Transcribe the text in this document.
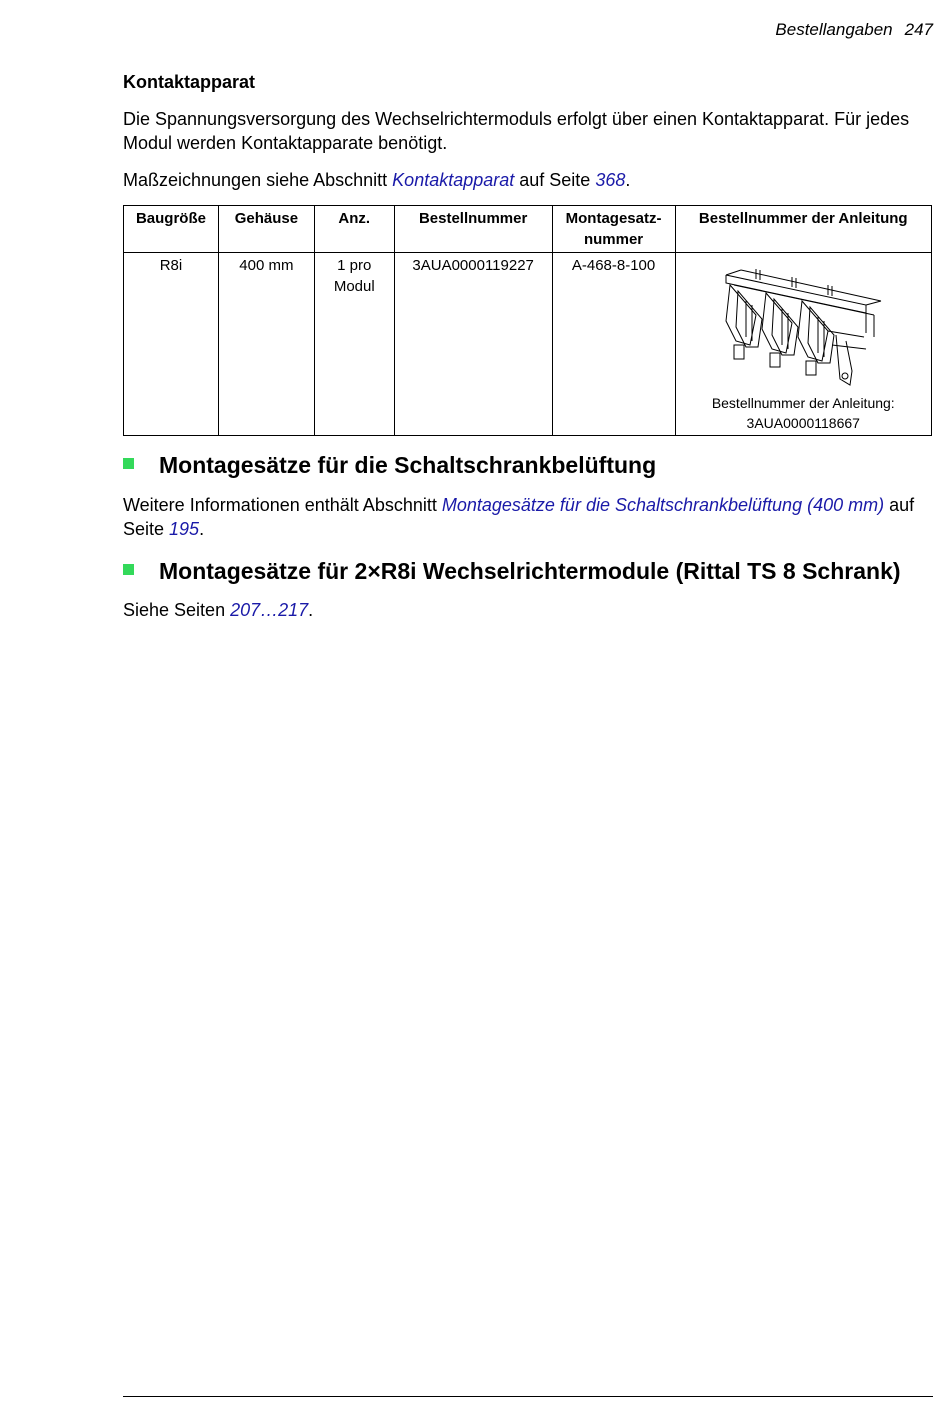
Bestellangaben 247
Kontaktapparat
Die Spannungsversorgung des Wechselrichtermoduls erfolgt über einen Kontaktapparat. Für jedes Modul werden Kontaktapparate benötigt.
Maßzeichnungen siehe Abschnitt Kontaktapparat auf Seite 368.
Baugröße	Gehäuse	Anz.	Bestellnummer	Montagesatz-nummer	Bestellnummer der Anleitung
R8i	400 mm	1 pro Modul	3AUA0000119227	A-468-8-100	Bestellnummer der Anleitung:
3AUA0000118667
Montagesätze für die Schaltschrankbelüftung
Weitere Informationen enthält Abschnitt Montagesätze für die Schaltschrankbelüftung (400 mm) auf Seite 195.
Montagesätze für 2×R8i Wechselrichtermodule (Rittal TS 8 Schrank)
Siehe Seiten 207…217.
